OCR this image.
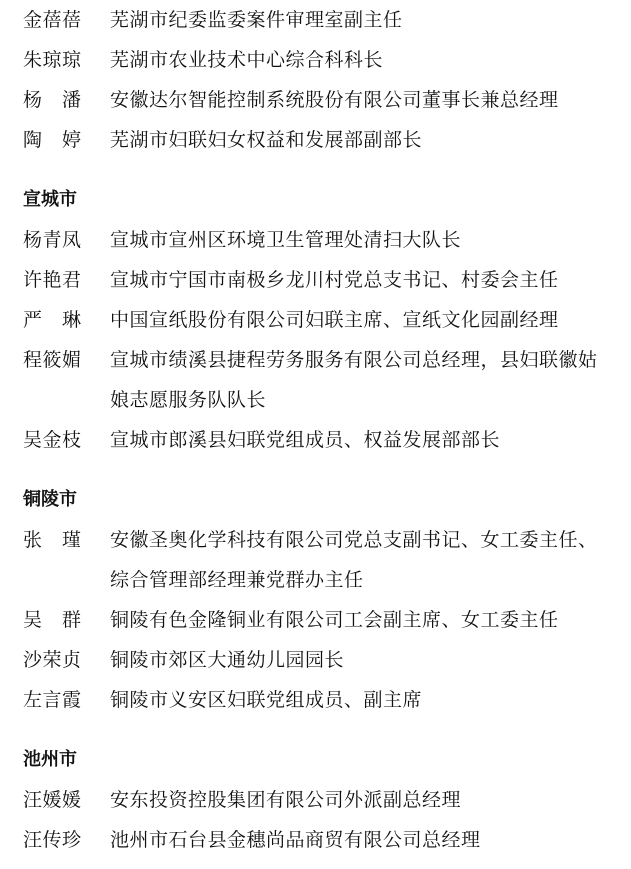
金蓓蓓	芜湖市纪委监委案件审理室副主任
朱琼琼	芜湖市农业技术中心综合科科长
杨　潘	安徽达尔智能控制系统股份有限公司董事长兼总经理
陶　婷	芜湖市妇联妇女权益和发展部副部长
宣城市
杨青凤	宣城市宣州区环境卫生管理处清扫大队长
许艳君	宣城市宁国市南极乡龙川村党总支书记、村委会主任
严　琳	中国宣纸股份有限公司妇联主席、宣纸文化园副经理
程筱媚	宣城市绩溪县捷程劳务服务有限公司总经理，县妇联徽姑娘志愿服务队队长
吴金枝	宣城市郎溪县妇联党组成员、权益发展部部长
铜陵市
张　瑾	安徽圣奥化学科技有限公司党总支副书记、女工委主任、综合管理部经理兼党群办主任
吴　群	铜陵有色金隆铜业有限公司工会副主席、女工委主任
沙荣贞	铜陵市郊区大通幼儿园园长
左言霞	铜陵市义安区妇联党组成员、副主席
池州市
汪媛媛	安东投资控股集团有限公司外派副总经理
汪传珍	池州市石台县金穗尚品商贸有限公司总经理
